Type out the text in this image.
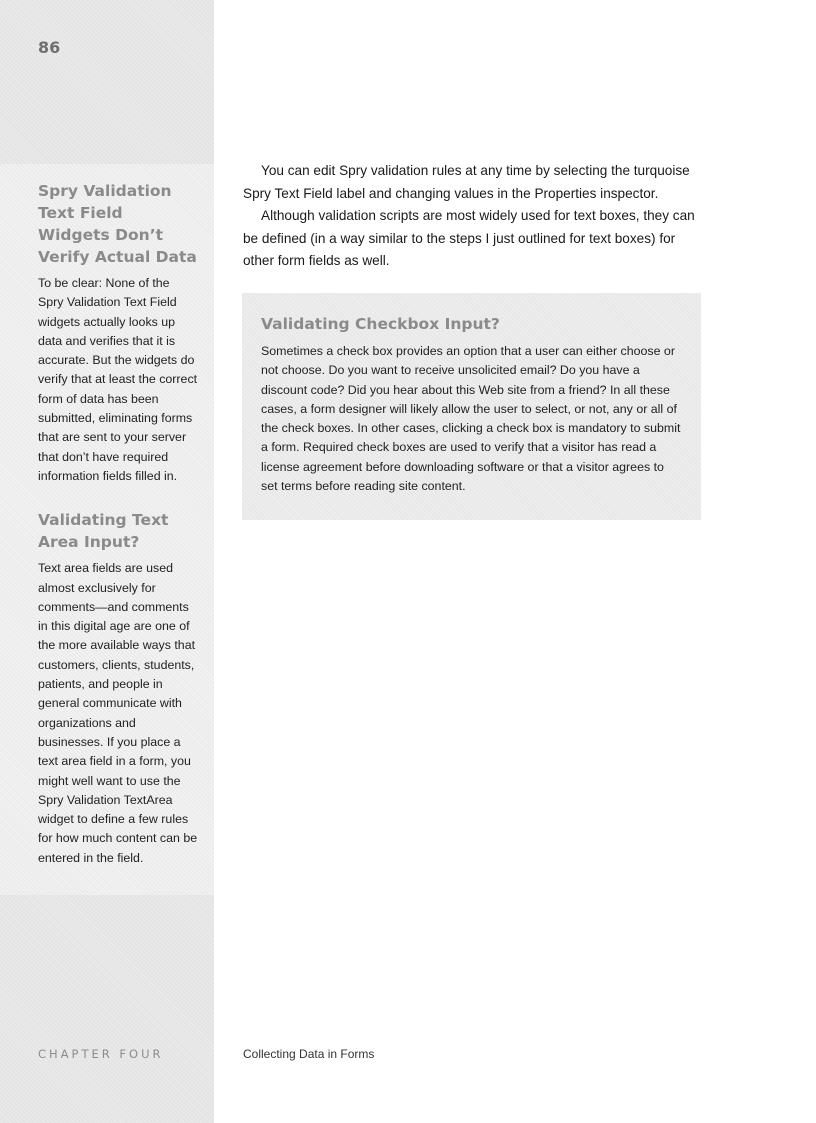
86

Spry Validation Text Field Widgets Don’t Verify Actual Data

To be clear: None of the Spry Validation Text Field widgets actually looks up data and verifies that it is accurate. But the widgets do verify that at least the correct form of data has been submitted, eliminating forms that are sent to your server that don’t have required information fields filled in.

Validating Text Area Input?

Text area fields are used almost exclusively for comments—and comments in this digital age are one of the more available ways that customers, clients, students, patients, and people in general communicate with organizations and businesses. If you place a text area field in a form, you might well want to use the Spry Validation TextArea widget to define a few rules for how much content can be entered in the field.

You can edit Spry validation rules at any time by selecting the turquoise Spry Text Field label and changing values in the Properties inspector.

Although validation scripts are most widely used for text boxes, they can be defined (in a way similar to the steps I just outlined for text boxes) for other form fields as well.

Validating Checkbox Input?

Sometimes a check box provides an option that a user can either choose or not choose. Do you want to receive unsolicited email? Do you have a discount code? Did you hear about this Web site from a friend? In all these cases, a form designer will likely allow the user to select, or not, any or all of the check boxes. In other cases, clicking a check box is mandatory to submit a form. Required check boxes are used to verify that a visitor has read a license agreement before downloading software or that a visitor agrees to set terms before reading site content.

CHAPTER FOUR	Collecting Data in Forms
